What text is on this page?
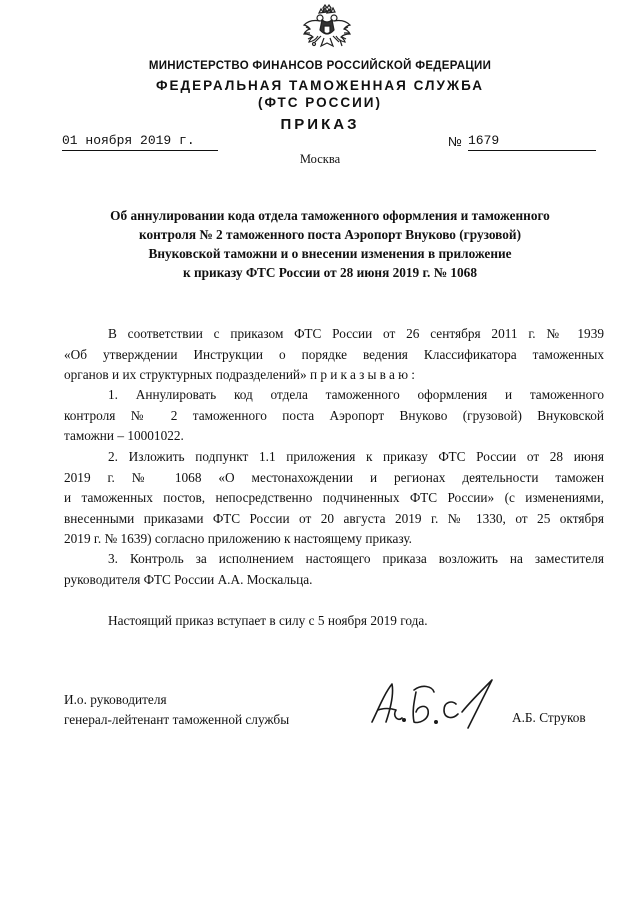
МИНИСТЕРСТВО ФИНАНСОВ РОССИЙСКОЙ ФЕДЕРАЦИИ
ФЕДЕРАЛЬНАЯ ТАМОЖЕННАЯ СЛУЖБА
(ФТС РОССИИ)
ПРИКАЗ
01 ноября 2019 г.	№ 1679
Москва
Об аннулировании кода отдела таможенного оформления и таможенного
контроля № 2 таможенного поста Аэропорт Внуково (грузовой)
Внуковской таможни и о внесении изменения в приложение
к приказу ФТС России от 28 июня 2019 г. № 1068
В соответствии с приказом ФТС России от 26 сентября 2011 г. № 1939
«Об утверждении Инструкции о порядке ведения Классификатора таможенных
органов и их структурных подразделений» приказываю:
1. Аннулировать код отдела таможенного оформления и таможенного
контроля № 2 таможенного поста Аэропорт Внуково (грузовой) Внуковской
таможни – 10001022.
2. Изложить подпункт 1.1 приложения к приказу ФТС России от 28 июня
2019 г. № 1068 «О местонахождении и регионах деятельности таможен
и таможенных постов, непосредственно подчиненных ФТС России» (с изменениями,
внесенными приказами ФТС России от 20 августа 2019 г. № 1330, от 25 октября
2019 г. № 1639) согласно приложению к настоящему приказу.
3. Контроль за исполнением настоящего приказа возложить на заместителя
руководителя ФТС России А.А. Москальца.
Настоящий приказ вступает в силу с 5 ноября 2019 года.
И.о. руководителя
генерал-лейтенант таможенной службы	А.Б. Струков
